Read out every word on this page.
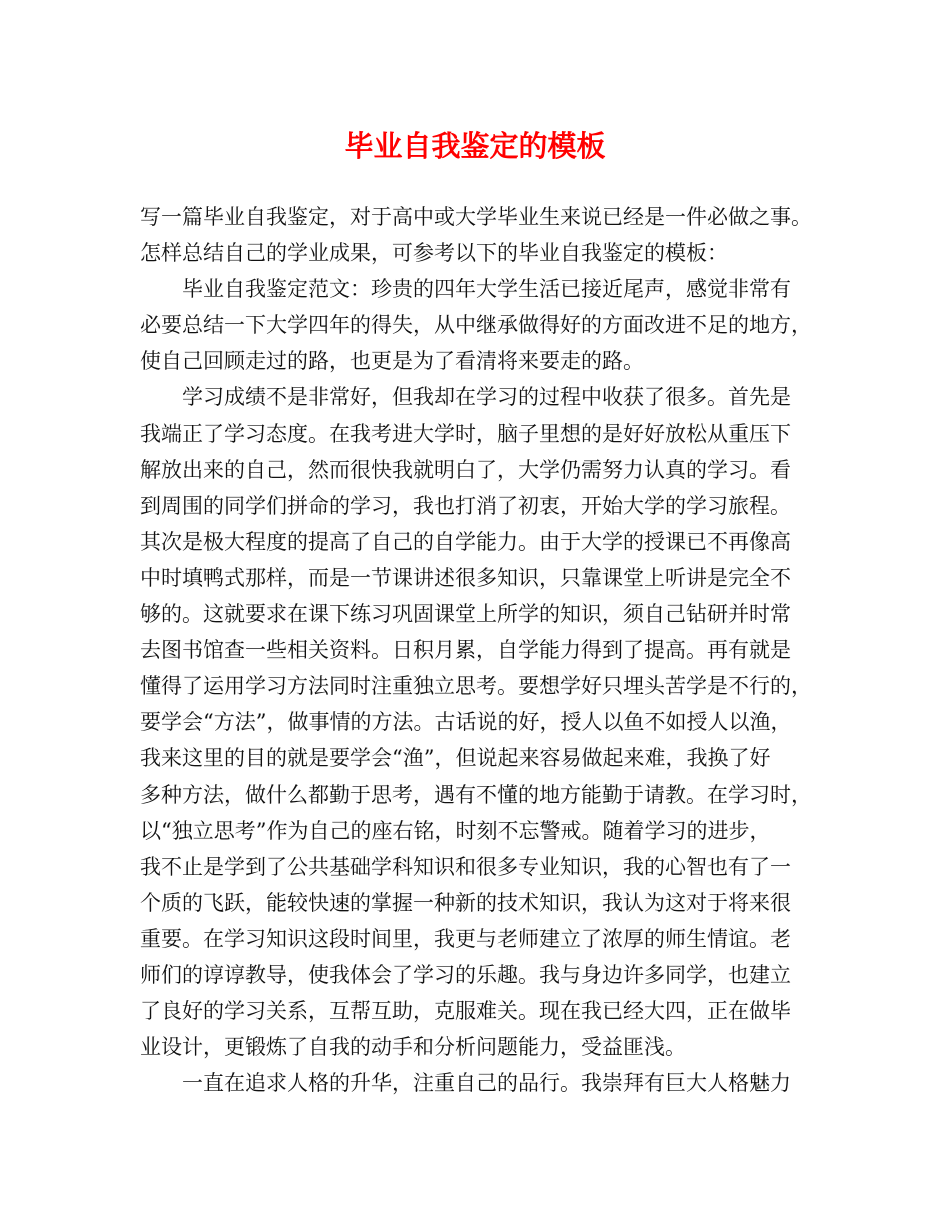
毕业自我鉴定的模板
写一篇毕业自我鉴定，对于高中或大学毕业生来说已经是一件必做之事。
怎样总结自己的学业成果，可参考以下的毕业自我鉴定的模板：
毕业自我鉴定范文：珍贵的四年大学生活已接近尾声，感觉非常有
必要总结一下大学四年的得失，从中继承做得好的方面改进不足的地方，
使自己回顾走过的路，也更是为了看清将来要走的路。
学习成绩不是非常好，但我却在学习的过程中收获了很多。首先是
我端正了学习态度。在我考进大学时，脑子里想的是好好放松从重压下
解放出来的自己，然而很快我就明白了，大学仍需努力认真的学习。看
到周围的同学们拼命的学习，我也打消了初衷，开始大学的学习旅程。
其次是极大程度的提高了自己的自学能力。由于大学的授课已不再像高
中时填鸭式那样，而是一节课讲述很多知识，只靠课堂上听讲是完全不
够的。这就要求在课下练习巩固课堂上所学的知识，须自己钻研并时常
去图书馆查一些相关资料。日积月累，自学能力得到了提高。再有就是
懂得了运用学习方法同时注重独立思考。要想学好只埋头苦学是不行的，
要学会“方法”，做事情的方法。古话说的好，授人以鱼不如授人以渔，
我来这里的目的就是要学会“渔”，但说起来容易做起来难，我换了好
多种方法，做什么都勤于思考，遇有不懂的地方能勤于请教。在学习时，
以“独立思考”作为自己的座右铭，时刻不忘警戒。随着学习的进步，
我不止是学到了公共基础学科知识和很多专业知识，我的心智也有了一
个质的飞跃，能较快速的掌握一种新的技术知识，我认为这对于将来很
重要。在学习知识这段时间里，我更与老师建立了浓厚的师生情谊。老
师们的谆谆教导，使我体会了学习的乐趣。我与身边许多同学，也建立
了良好的学习关系，互帮互助，克服难关。现在我已经大四，正在做毕
业设计，更锻炼了自我的动手和分析问题能力，受益匪浅。
一直在追求人格的升华，注重自己的品行。我崇拜有巨大人格魅力
